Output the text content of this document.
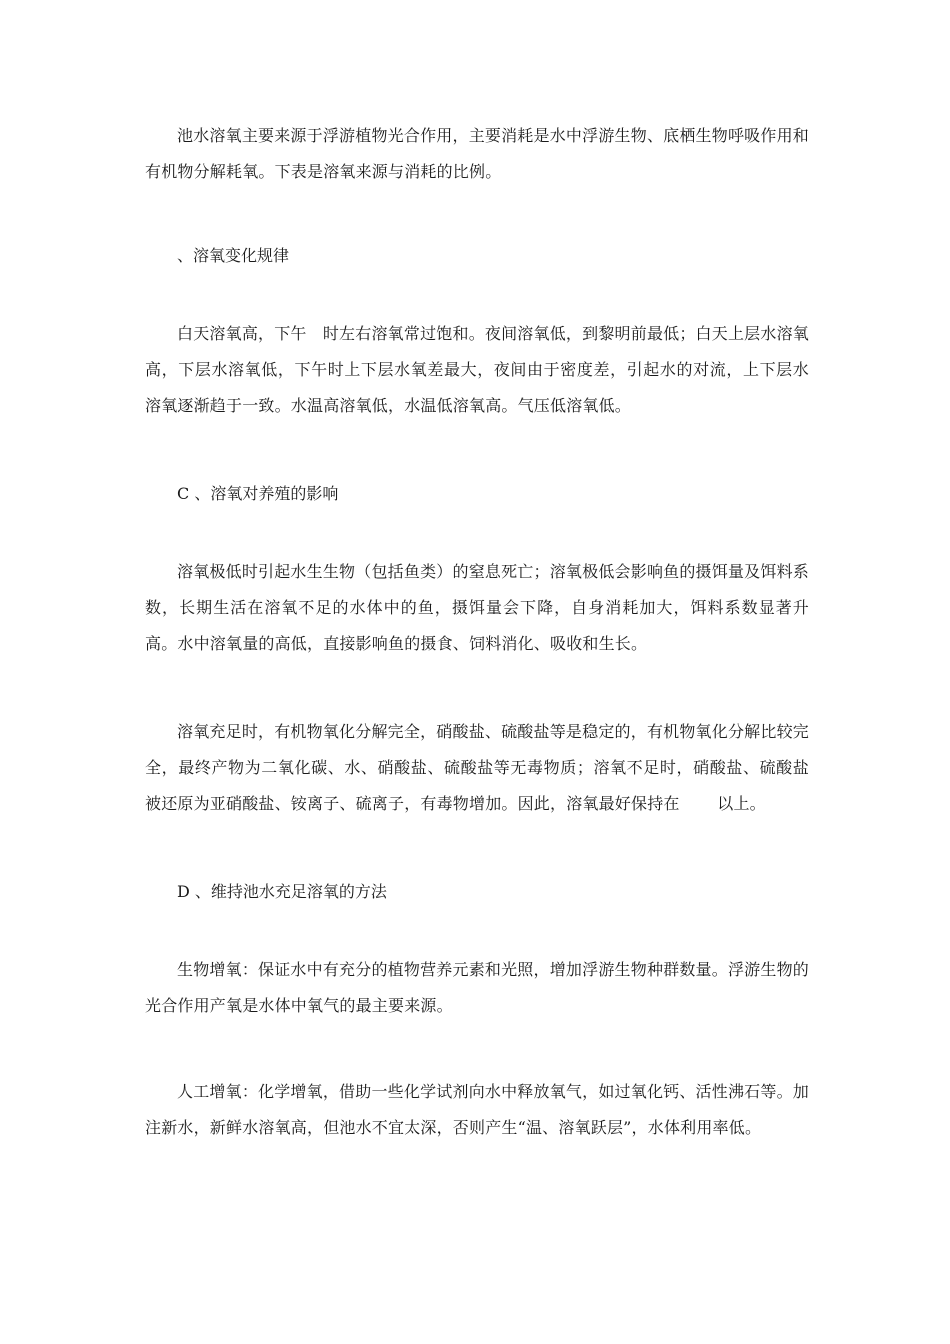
池水溶氧主要来源于浮游植物光合作用，主要消耗是水中浮游生物、底栖生物呼吸作用和有机物分解耗氧。下表是溶氧来源与消耗的比例。

、溶氧变化规律

白天溶氧高，下午　时左右溶氧常过饱和。夜间溶氧低，到黎明前最低；白天上层水溶氧高，下层水溶氧低，下午时上下层水氧差最大，夜间由于密度差，引起水的对流，上下层水溶氧逐渐趋于一致。水温高溶氧低，水温低溶氧高。气压低溶氧低。

C 、溶氧对养殖的影响

溶氧极低时引起水生生物（包括鱼类）的窒息死亡；溶氧极低会影响鱼的摄饵量及饵料系数，长期生活在溶氧不足的水体中的鱼，摄饵量会下降，自身消耗加大，饵料系数显著升高。水中溶氧量的高低，直接影响鱼的摄食、饲料消化、吸收和生长。

溶氧充足时，有机物氧化分解完全，硝酸盐、硫酸盐等是稳定的，有机物氧化分解比较完全，最终产物为二氧化碳、水、硝酸盐、硫酸盐等无毒物质；溶氧不足时，硝酸盐、硫酸盐被还原为亚硝酸盐、铵离子、硫离子，有毒物增加。因此，溶氧最好保持在　　 以上。

D 、维持池水充足溶氧的方法

生物增氧：保证水中有充分的植物营养元素和光照，增加浮游生物种群数量。浮游生物的光合作用产氧是水体中氧气的最主要来源。

人工增氧：化学增氧，借助一些化学试剂向水中释放氧气，如过氧化钙、活性沸石等。加注新水，新鲜水溶氧高，但池水不宜太深，否则产生“温、溶氧跃层”，水体利用率低。
